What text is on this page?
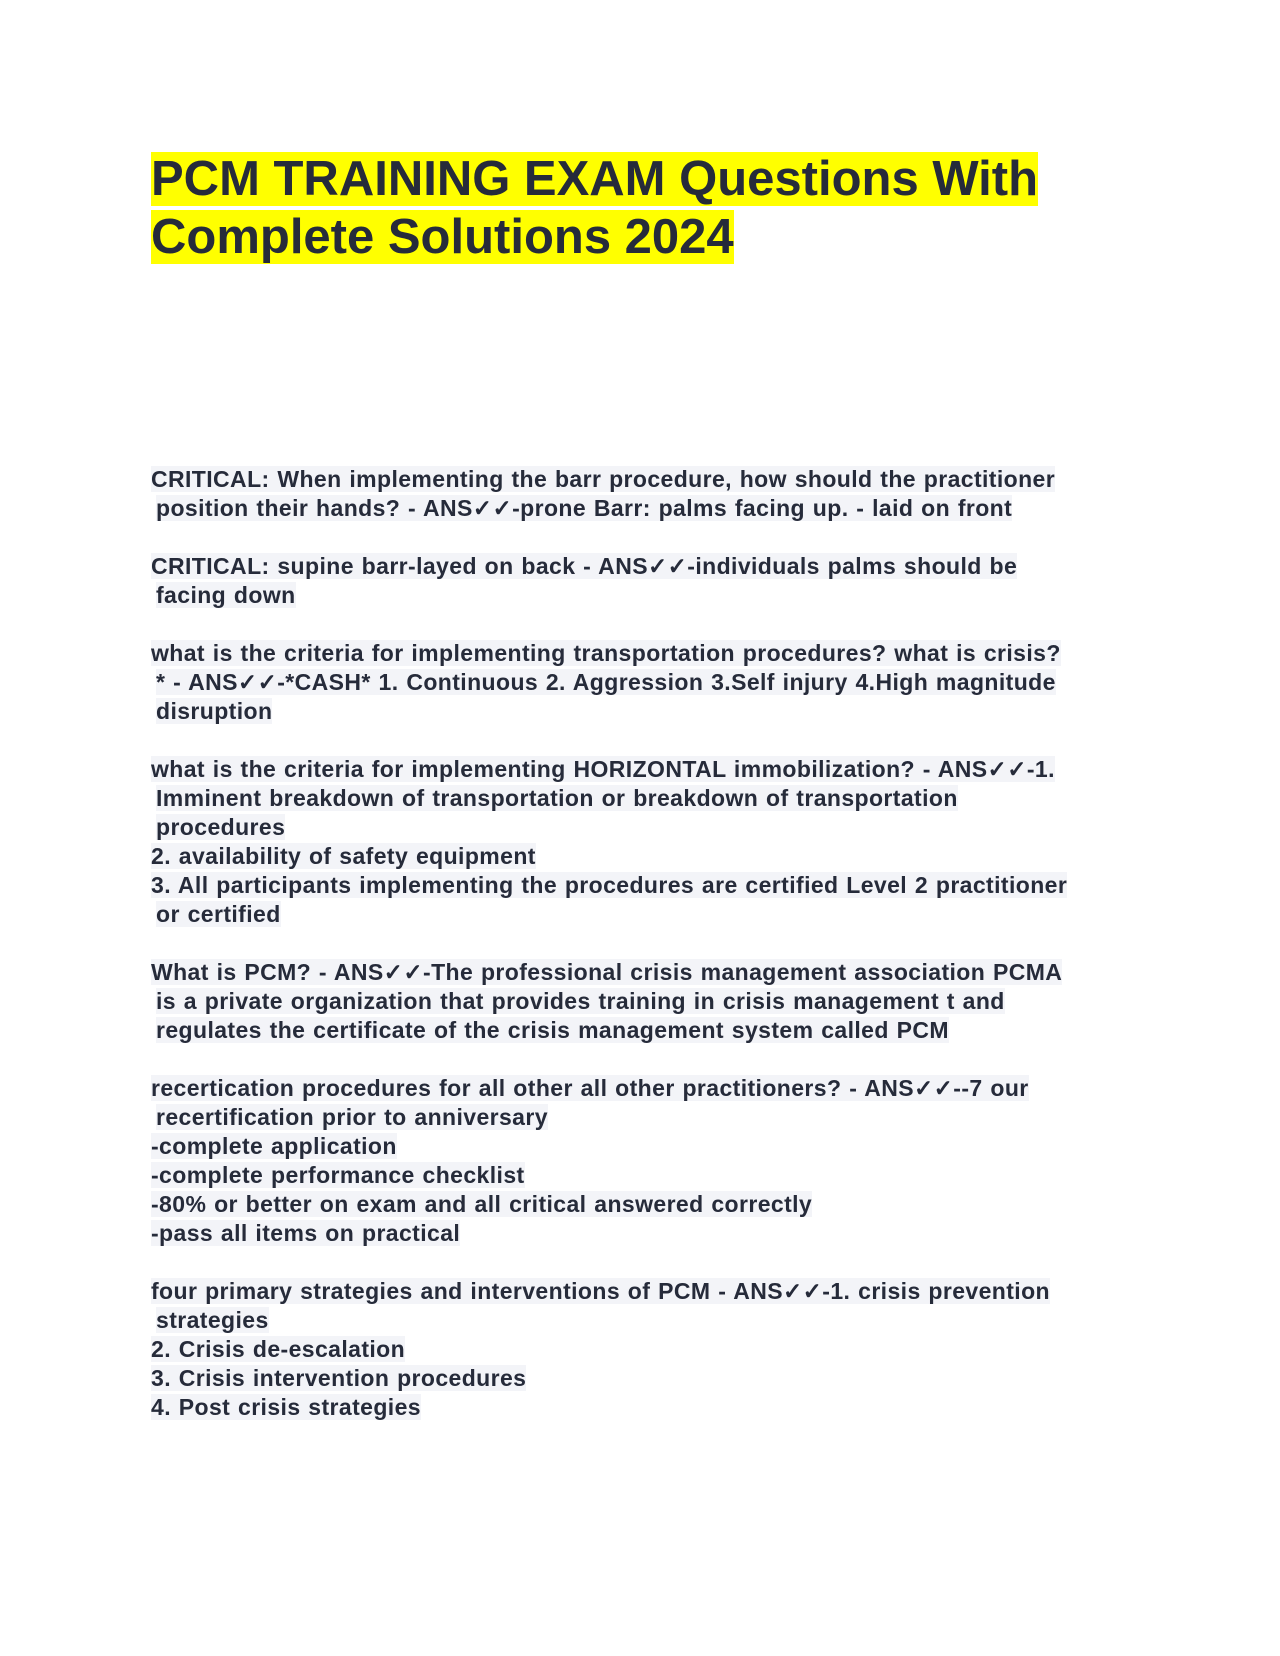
PCM TRAINING EXAM Questions With
Complete Solutions 2024
CRITICAL: When implementing the barr procedure, how should the practitioner
position their hands? - ANS✓✓-prone Barr: palms facing up. - laid on front
CRITICAL: supine barr-layed on back - ANS✓✓-individuals palms should be
facing down
what is the criteria for implementing transportation procedures? what is crisis?
* - ANS✓✓-*CASH* 1. Continuous 2. Aggression 3.Self injury 4.High magnitude
disruption
what is the criteria for implementing HORIZONTAL immobilization? - ANS✓✓-1.
Imminent breakdown of transportation or breakdown of transportation
procedures
2. availability of safety equipment
3. All participants implementing the procedures are certified Level 2 practitioner
or certified
What is PCM? - ANS✓✓-The professional crisis management association PCMA
is a private organization that provides training in crisis management t and
regulates the certificate of the crisis management system called PCM
recertication procedures for all other all other practitioners? - ANS✓✓--7 our
recertification prior to anniversary
-complete application
-complete performance checklist
-80% or better on exam and all critical answered correctly
-pass all items on practical
four primary strategies and interventions of PCM - ANS✓✓-1. crisis prevention
strategies
2. Crisis de-escalation
3. Crisis intervention procedures
4. Post crisis strategies
